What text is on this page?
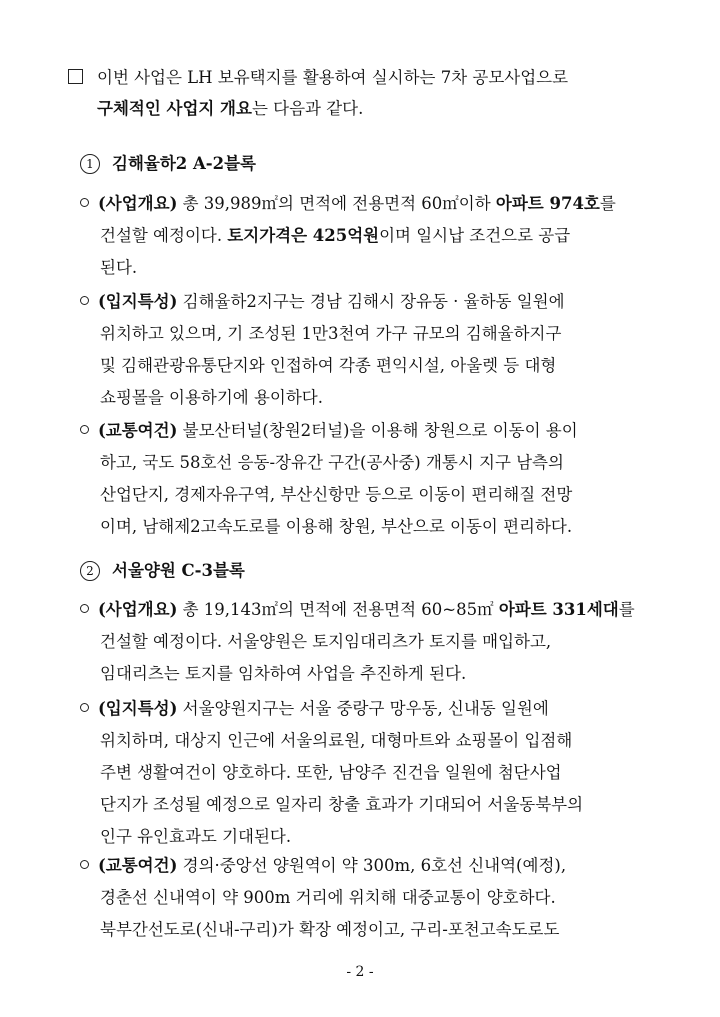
이번 사업은 LH 보유택지를 활용하여 실시하는 7차 공모사업으로
구체적인 사업지 개요는 다음과 같다.
1 김해율하2 A-2블록
(사업개요) 총 39,989㎡의 면적에 전용면적 60㎡이하 아파트 974호를
건설할 예정이다. 토지가격은 425억원이며 일시납 조건으로 공급
된다.
(입지특성) 김해율하2지구는 경남 김해시 장유동 · 율하동 일원에
위치하고 있으며, 기 조성된 1만3천여 가구 규모의 김해율하지구
및 김해관광유통단지와 인접하여 각종 편익시설, 아울렛 등 대형
쇼핑몰을 이용하기에 용이하다.
(교통여건) 불모산터널(창원2터널)을 이용해 창원으로 이동이 용이
하고, 국도 58호선 응동-장유간 구간(공사중) 개통시 지구 남측의
산업단지, 경제자유구역, 부산신항만 등으로 이동이 편리해질 전망
이며, 남해제2고속도로를 이용해 창원, 부산으로 이동이 편리하다.
2 서울양원 C-3블록
(사업개요) 총 19,143㎡의 면적에 전용면적 60~85㎡ 아파트 331세대를
건설할 예정이다. 서울양원은 토지임대리츠가 토지를 매입하고,
임대리츠는 토지를 임차하여 사업을 추진하게 된다.
(입지특성) 서울양원지구는 서울 중랑구 망우동, 신내동 일원에
위치하며, 대상지 인근에 서울의료원, 대형마트와 쇼핑몰이 입점해
주변 생활여건이 양호하다. 또한, 남양주 진건읍 일원에 첨단사업
단지가 조성될 예정으로 일자리 창출 효과가 기대되어 서울동북부의
인구 유인효과도 기대된다.
(교통여건) 경의·중앙선 양원역이 약 300m, 6호선 신내역(예정),
경춘선 신내역이 약 900m 거리에 위치해 대중교통이 양호하다.
북부간선도로(신내-구리)가 확장 예정이고, 구리-포천고속도로도
- 2 -
